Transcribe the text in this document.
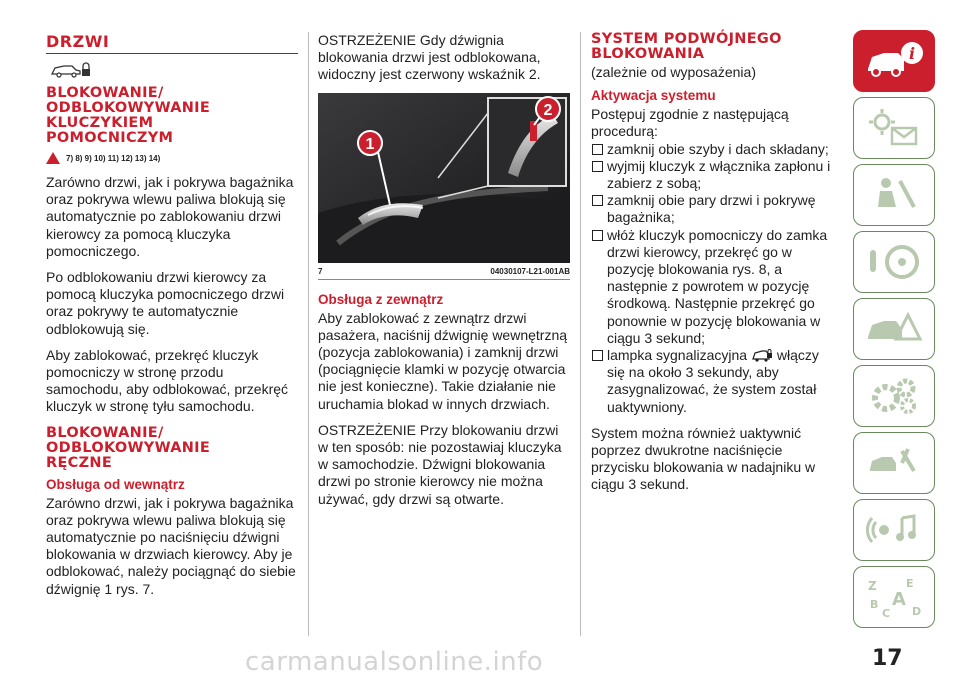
DRZWI
BLOKOWANIE/
ODBLOKOWYWANIE
KLUCZYKIEM
POMOCNICZYM
7) 8) 9) 10) 11) 12) 13) 14)

Zarówno drzwi, jak i pokrywa bagażnika oraz pokrywa wlewu paliwa blokują się automatycznie po zablokowaniu drzwi kierowcy za pomocą kluczyka pomocniczego.

Po odblokowaniu drzwi kierowcy za pomocą kluczyka pomocniczego drzwi oraz pokrywy te automatycznie odblokowują się.

Aby zablokować, przekręć kluczyk pomocniczy w stronę przodu samochodu, aby odblokować, przekręć kluczyk w stronę tyłu samochodu.

BLOKOWANIE/
ODBLOKOWYWANIE
RĘCZNE
Obsługa od wewnątrz

Zarówno drzwi, jak i pokrywa bagażnika oraz pokrywa wlewu paliwa blokują się automatycznie po naciśnięciu dźwigni blokowania w drzwiach kierowcy. Aby je odblokować, należy pociągnąć do siebie dźwignię 1 rys. 7.

OSTRZEŻENIE Gdy dźwignia blokowania drzwi jest odblokowana, widoczny jest czerwony wskaźnik 2.

1
2
7	04030107-L21-001AB
Obsługa z zewnątrz

Aby zablokować z zewnątrz drzwi pasażera, naciśnij dźwignię wewnętrzną (pozycja zablokowania) i zamknij drzwi (pociągnięcie klamki w pozycję otwarcia nie jest konieczne). Takie działanie nie uruchamia blokad w innych drzwiach.

OSTRZEŻENIE Przy blokowaniu drzwi w ten sposób: nie pozostawiaj kluczyka w samochodzie. Dźwigni blokowania drzwi po stronie kierowcy nie można używać, gdy drzwi są otwarte.

SYSTEM PODWÓJNEGO
BLOKOWANIA

(zależnie od wyposażenia)

Aktywacja systemu

Postępuj zgodnie z następującą procedurą:

zamknij obie szyby i dach składany;
wyjmij kluczyk z włącznika zapłonu i zabierz z sobą;
zamknij obie pary drzwi i pokrywę bagażnika;
włóż kluczyk pomocniczy do zamka drzwi kierowcy, przekręć go w pozycję blokowania rys. 8, a następnie z powrotem w pozycję środkową. Następnie przekręć go ponownie w pozycję blokowania w ciągu 3 sekund;
lampka sygnalizacyjna włączy się na około 3 sekundy, aby zasygnalizować, że system został uaktywniony.

System można również uaktywnić poprzez dwukrotne naciśnięcie przycisku blokowania w nadajniku w ciągu 3 sekund.

i
Z	E
B A
C D
carmanualsonline.info	17
